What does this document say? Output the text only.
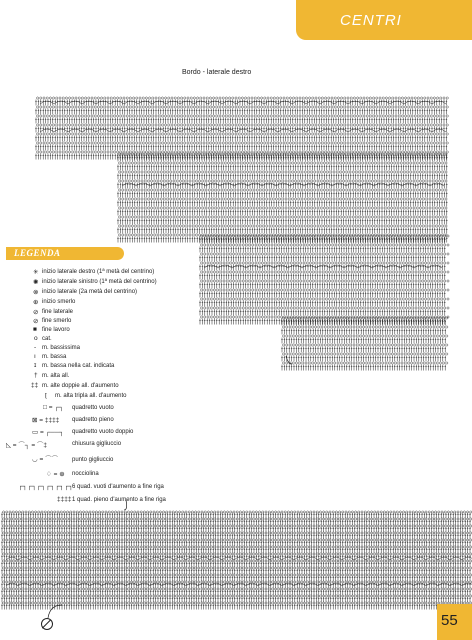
CENTRI
Bordo - laterale destro
LEGENDA
✳ inizio laterale destro (1ª metà del centrino)
✺ inizio laterale sinistro (1ª metà del centrino)
⊗ inizio laterale (2a metà del centrino)
⊕ inizio smerlo
⊘ fine laterale
⊘ fine smerlo
■ fine lavoro
o cat.
- m. bassissima
ı m. bassa
ɪ m. bassa nella cat. indicata
† m. alta all.
‡‡ m. alte doppie all. d'aumento
ʈ m. alta tripla all. d'aumento
□ = ┌┐ quadretto vuoto
⊠ = ‡‡‡‡ quadretto pieno
▭ = ┌──┐ quadretto vuoto doppio
◺ = ⌒┐ = ⌒‡	chiusura gigliuccio
◡ = ⌒⌒ punto gigliuccio
♢ = ⊕ nocciolina
┌┐┌┐┌┐┌┐┌┐┌┐
6 quad. vuoti d'aumento a fine riga
‡‡‡‡ 1 quad. pieno d'aumento a fine riga
55
